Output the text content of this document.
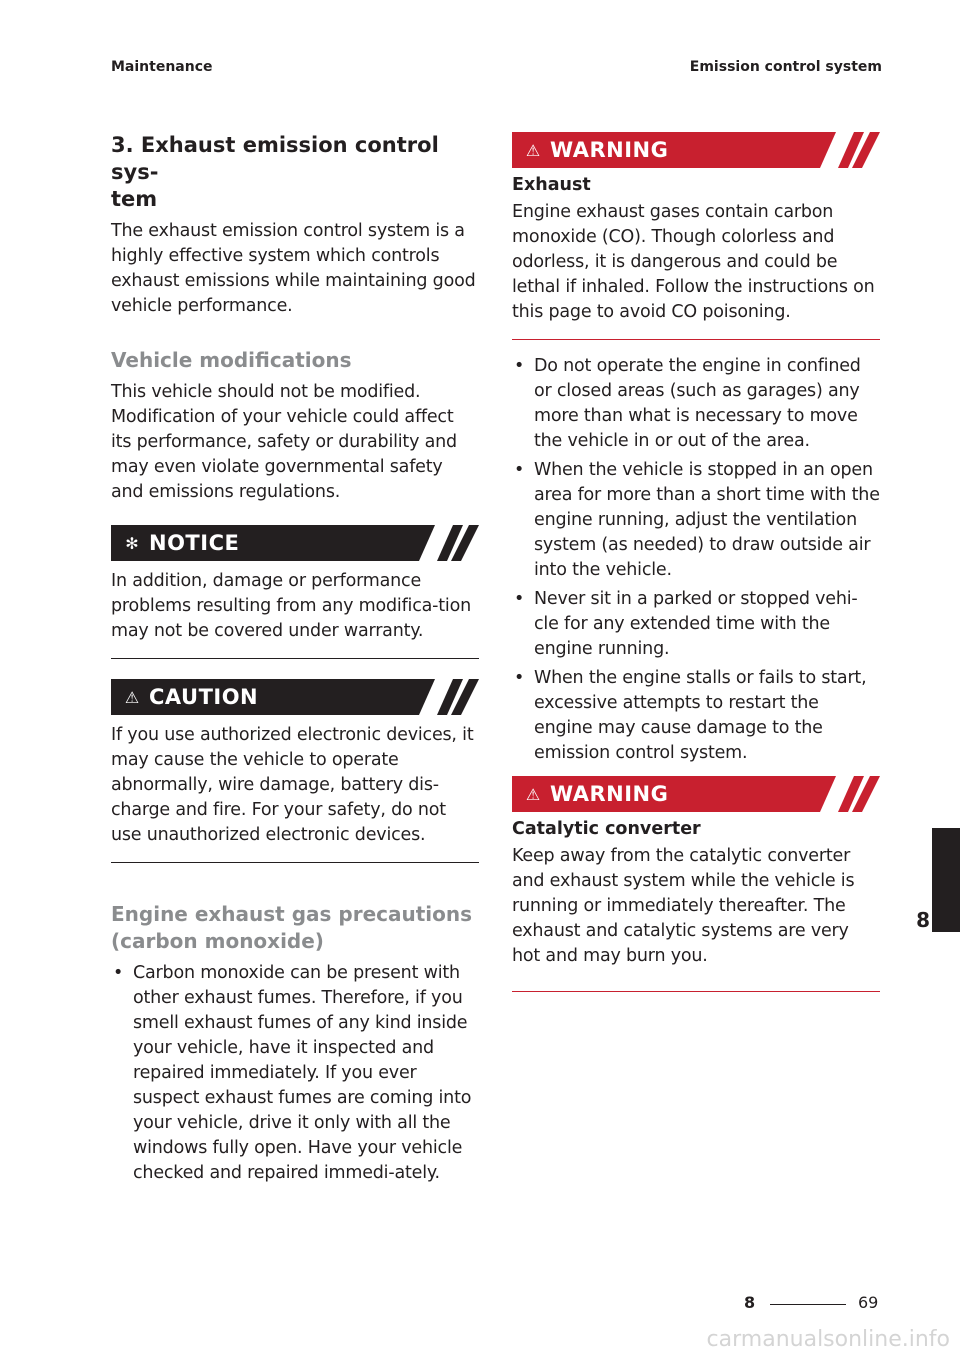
Maintenance	Emission control system
3. Exhaust emission control sys-
tem

The exhaust emission control system is a highly effective system which controls exhaust emissions while maintaining good vehicle performance.

Vehicle modifications

This vehicle should not be modified. Modification of your vehicle could affect its performance, safety or durability and may even violate governmental safety and emissions regulations.

✻ NOTICE

In addition, damage or performance problems resulting from any modifica-tion may not be covered under warranty.

⚠ CAUTION

If you use authorized electronic devices, it may cause the vehicle to operate abnormally, wire damage, battery dis-charge and fire. For your safety, do not use unauthorized electronic devices.

Engine exhaust gas precautions (carbon monoxide)
• Carbon monoxide can be present with other exhaust fumes. Therefore, if you smell exhaust fumes of any kind inside your vehicle, have it inspected and repaired immediately. If you ever suspect exhaust fumes are coming into your vehicle, drive it only with all the windows fully open. Have your vehicle checked and repaired immedi-ately.
⚠ WARNING
Exhaust

Engine exhaust gases contain carbon monoxide (CO). Though colorless and odorless, it is dangerous and could be lethal if inhaled. Follow the instructions on this page to avoid CO poisoning.

• Do not operate the engine in confined or closed areas (such as garages) any more than what is necessary to move the vehicle in or out of the area.
• When the vehicle is stopped in an open area for more than a short time with the engine running, adjust the ventilation system (as needed) to draw outside air into the vehicle.
• Never sit in a parked or stopped vehi-cle for any extended time with the engine running.
• When the engine stalls or fails to start, excessive attempts to restart the engine may cause damage to the emission control system.
⚠ WARNING
Catalytic converter

Keep away from the catalytic converter and exhaust system while the vehicle is running or immediately thereafter. The exhaust and catalytic systems are very hot and may burn you.

8
8	69
carmanualsonline.info
